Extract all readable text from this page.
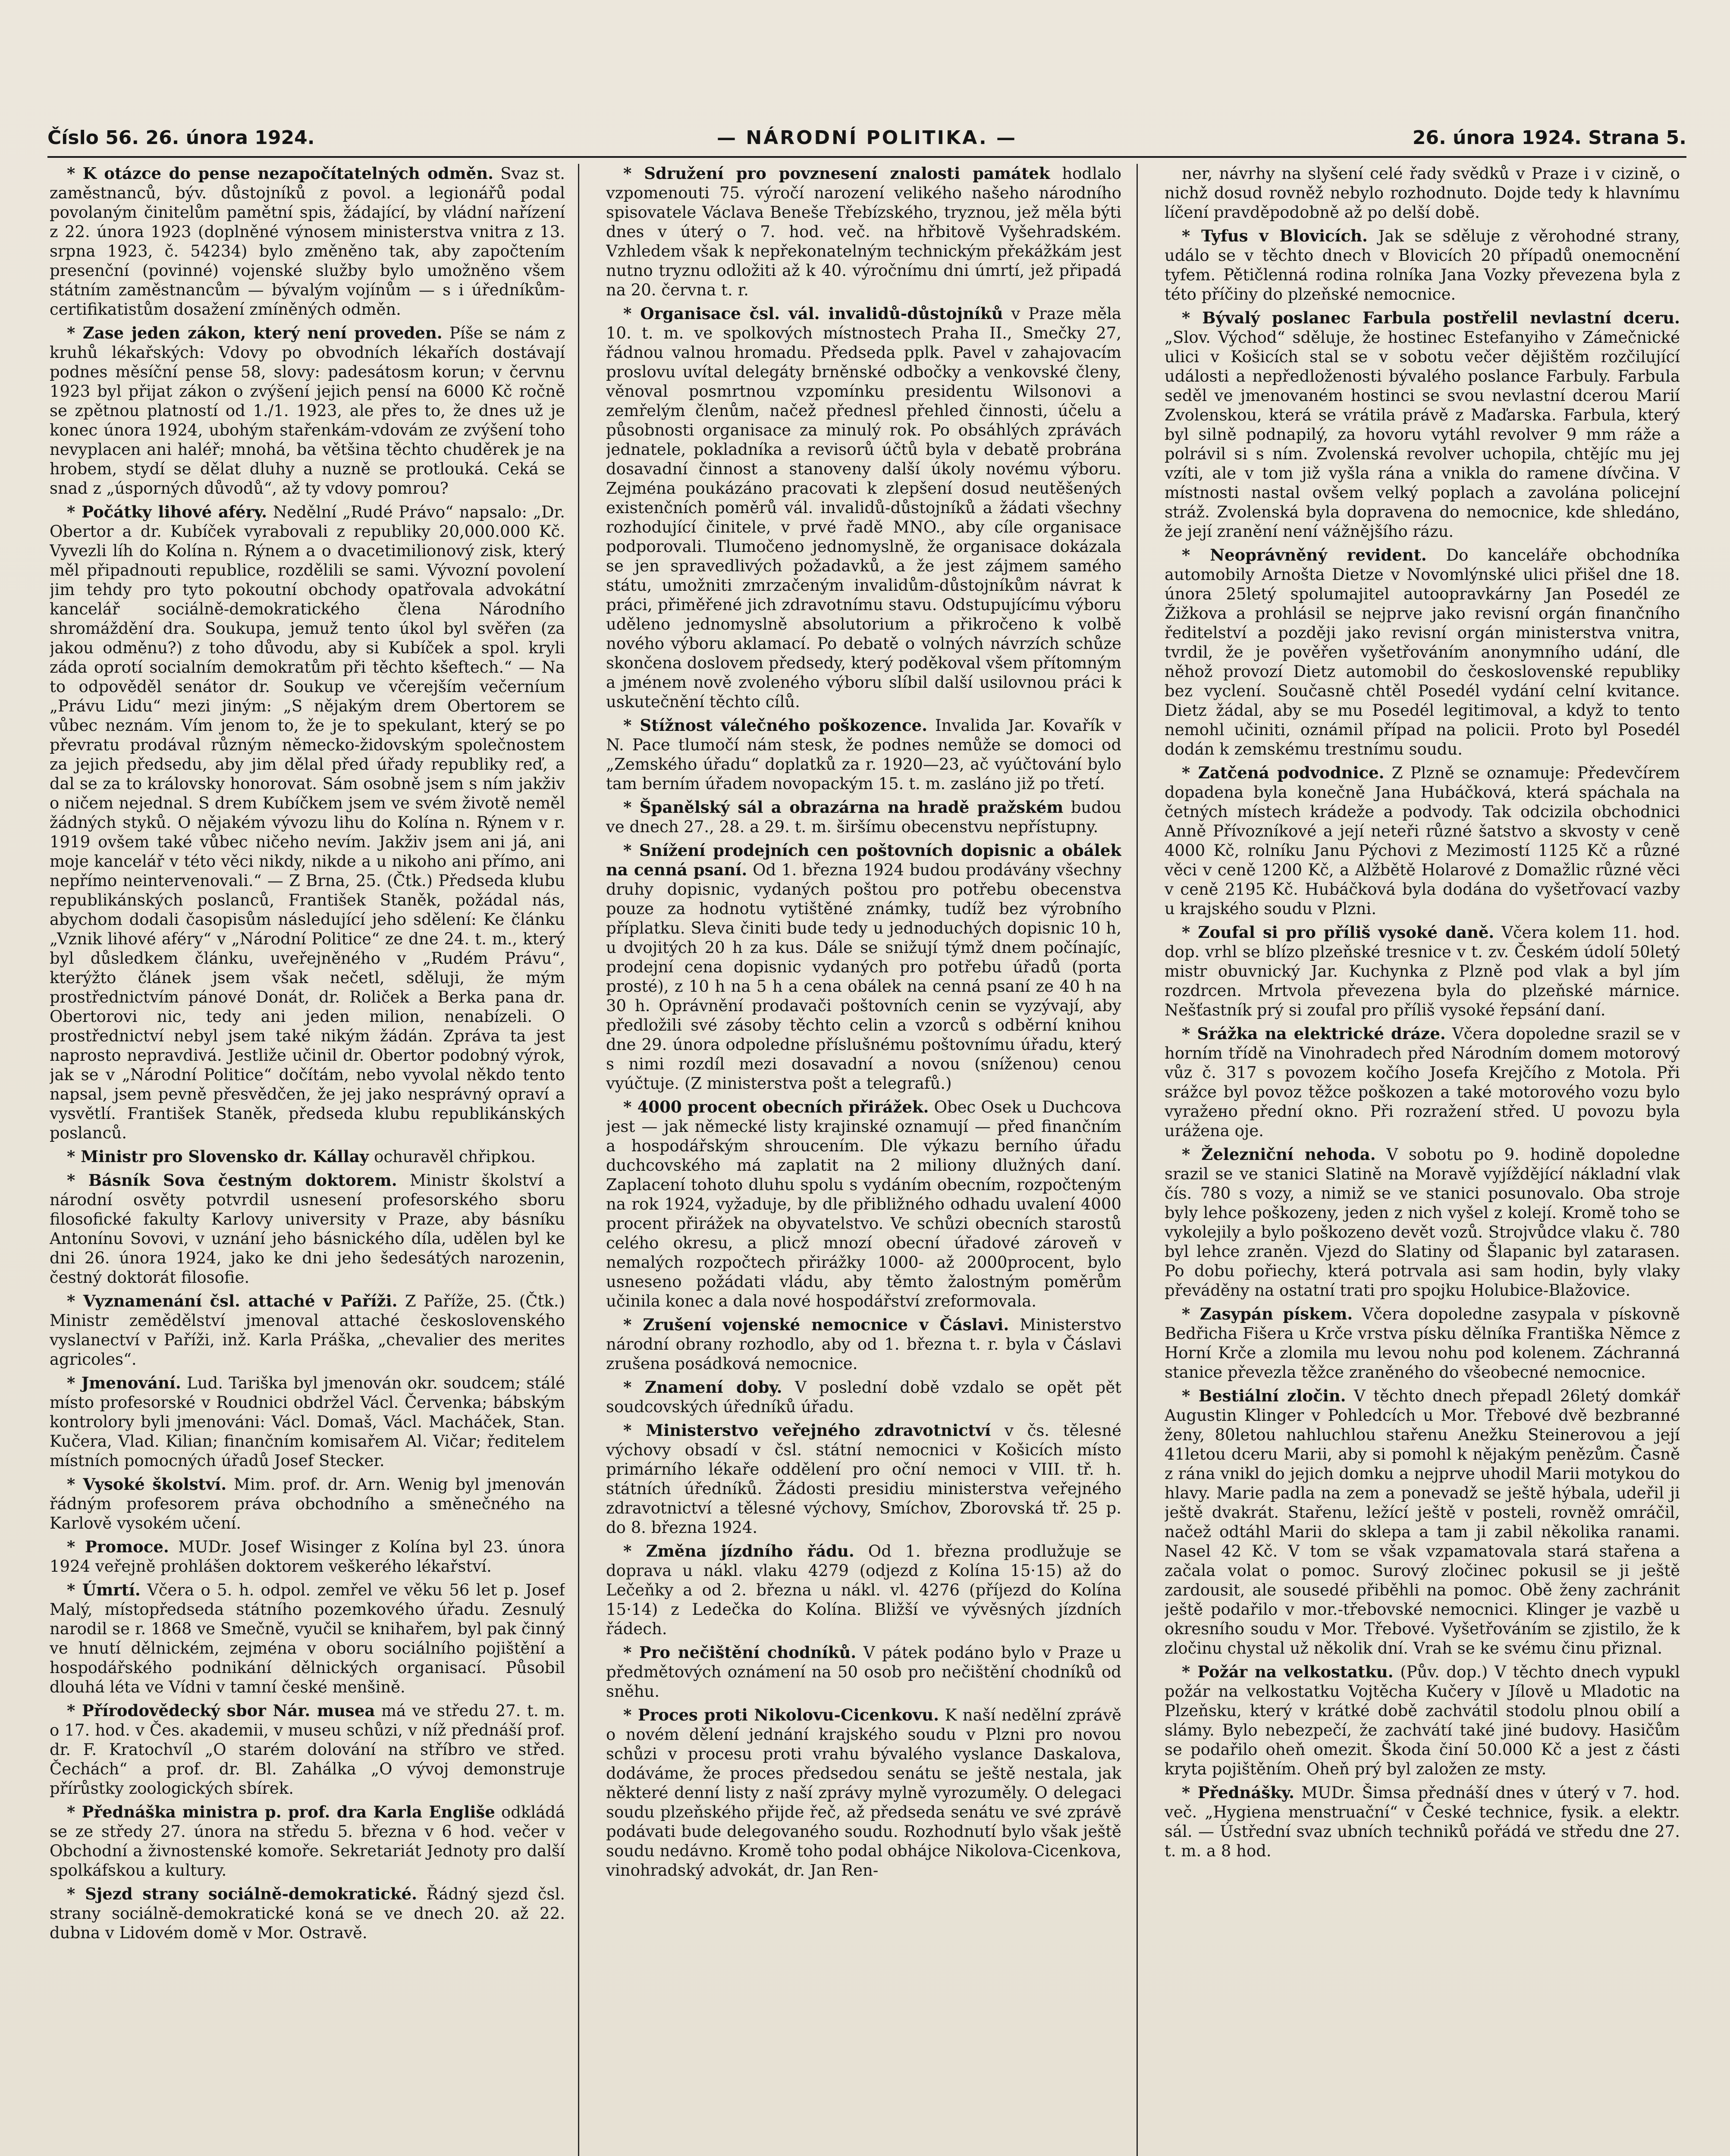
Číslo 56. 26. února 1924.	— NÁRODNÍ POLITIKA. —	26. února 1924. Strana 5.

* K otázce do pense nezapočítatelných odměn. Svaz st. zaměstnanců, býv. důstojníků z povol. a legionářů podal povolaným činitelům pamětní spis, žádající, by vládní nařízení z 22. února 1923 (doplněné výnosem ministerstva vnitra z 13. srpna 1923, č. 54234) bylo změněno tak, aby započtením presenční (povinné) vojenské služby bylo umožněno všem státním zaměstnancům — bývalým vojínům — s i úředníkům-certifikatistům dosažení zmíněných odměn.

* Zase jeden zákon, který není proveden. Píše se nám z kruhů lékařských: Vdovy po obvodních lékařích dostávají podnes měsíční pense 58, slovy: padesátosm korun; v červnu 1923 byl přijat zákon o zvýšení jejich pensí na 6000 Kč ročně se zpětnou platností od 1./1. 1923, ale přes to, že dnes už je konec února 1924, ubohým stařenkám-vdovám ze zvýšení toho nevyplacen ani haléř; mnohá, ba většina těchto chuděrek je na hrobem, stydí se dělat dluhy a nuzně se protlouká. Ceká se snad z „úsporných důvodů“, až ty vdovy pomrou?

* Počátky lihové aféry. Nedělní „Rudé Právo“ napsalo: „Dr. Obertor a dr. Kubíček vyrabovali z republiky 20,000.000 Kč. Vyvezli líh do Kolína n. Rýnem a o dvacetimilionový zisk, který měl připadnouti republice, rozdělili se sami. Vývozní povolení jim tehdy pro tyto pokoutní obchody opatřovala advokátní kancelář sociálně-demokratického člena Národního shromáždění dra. Soukupa, jemuž tento úkol byl svěřen (za jakou odměnu?) z toho důvodu, aby si Kubíček a spol. kryli záda oprotí socialním demokratům při těchto kšeftech.“ — Na to odpověděl senátor dr. Soukup ve včerejším večerníum „Právu Lidu“ mezi jiným: „S nějakým drem Obertorem se vůbec neznám. Vím jenom to, že je to spekulant, který se po převratu prodával různým německo-židovským společnostem za jejich předsedu, aby jim dělal před úřady republiky reď, a dal se za to královsky honorovat. Sám osobně jsem s ním jakživ o ničem nejednal. S drem Kubíčkem jsem ve svém životě neměl žádných styků. O nějakém vývozu lihu do Kolína n. Rýnem v r. 1919 ovšem také vůbec ničeho nevím. Jakživ jsem ani já, ani moje kancelář v této věci nikdy, nikde a u nikoho ani přímo, ani nepřímo neintervenovali.“ — Z Brna, 25. (Čtk.) Předseda klubu republikánských poslanců, František Staněk, požádal nás, abychom dodali časopisům následující jeho sdělení: Ke článku „Vznik lihové aféry“ v „Národní Politice“ ze dne 24. t. m., který byl důsledkem článku, uveřejněného v „Rudém Právu“, kterýžto článek jsem však nečetl, sděluji, že mým prostřednictvím pánové Donát, dr. Roliček a Berka pana dr. Obertorovi nic, tedy ani jeden milion, nenabízeli. O prostřednictví nebyl jsem také nikým žádán. Zpráva ta jest naprosto nepravdivá. Jestliže učinil dr. Obertor podobný výrok, jak se v „Národní Politice“ dočítám, nebo vyvolal někdo tento napsal, jsem pevně přesvědčen, že jej jako nesprávný opraví a vysvětlí. František Staněk, předseda klubu republikánských poslanců.

* Ministr pro Slovensko dr. Kállay ochuravěl chřipkou.

* Básník Sova čestným doktorem. Ministr školství a národní osvěty potvrdil usnesení profesorského sboru filosofické fakulty Karlovy university v Praze, aby básníku Antonínu Sovovi, v uznání jeho básnického díla, udělen byl ke dni 26. února 1924, jako ke dni jeho šedesátých narozenin, čestný doktorát filosofie.

* Vyznamenání čsl. attaché v Paříži. Z Paříže, 25. (Čtk.) Ministr zemědělství jmenoval attaché československého vyslanectví v Paříži, inž. Karla Práška, „chevalier des merites agricoles“.

* Jmenování. Lud. Tariška byl jmenován okr. soudcem; stálé místo profesorské v Roudnici obdržel Václ. Červenka; bábským kontrolory byli jmenováni: Václ. Domaš, Václ. Macháček, Stan. Kučera, Vlad. Kilian; finančním komisařem Al. Vičar; ředitelem místních pomocných úřadů Josef Stecker.

* Vysoké školství. Mim. prof. dr. Arn. Wenig byl jmenován řádným profesorem práva obchodního a směnečného na Karlově vysokém učení.

* Promoce. MUDr. Josef Wisinger z Kolína byl 23. února 1924 veřejně prohlášen doktorem veškerého lékařství.

* Úmrtí. Včera o 5. h. odpol. zemřel ve věku 56 let p. Josef Malý, místopředseda státního pozemkového úřadu. Zesnulý narodil se r. 1868 ve Smečně, vyučil se knihařem, byl pak činný ve hnutí dělnickém, zejména v oboru sociálního pojištění a hospodářského podnikání dělnických organisací. Působil dlouhá léta ve Vídni v tamní české menšině.

* Přírodovědecký sbor Nár. musea má ve středu 27. t. m. o 17. hod. v Čes. akademii, v museu schůzi, v níž přednáší prof. dr. F. Kratochvíl „O starém dolování na stříbro ve střed. Čechách“ a prof. dr. Bl. Zahálka „O vývoj demonstruje přírůstky zoologických sbírek.

* Přednáška ministra p. prof. dra Karla Engliše odkládá se ze středy 27. února na středu 5. března v 6 hod. večer v Obchodní a živnostenské komoře. Sekretariát Jednoty pro další spolkáfskou a kultury.

* Sjezd strany sociálně-demokratické. Řádný sjezd čsl. strany sociálně-demokratické koná se ve dnech 20. až 22. dubna v Lidovém domě v Mor. Ostravě.

* Sdružení pro povznesení znalosti památek hodlalo vzpomenouti 75. výročí narození velikého našeho národního spisovatele Václava Beneše Třebízského, tryznou, jež měla býti dnes v úterý o 7. hod. več. na hřbitově Vyšehradském. Vzhledem však k nepřekonatelným technickým překážkám jest nutno tryznu odložiti až k 40. výročnímu dni úmrtí, jež připadá na 20. června t. r.

* Organisace čsl. vál. invalidů-důstojníků v Praze měla 10. t. m. ve spolkových místnostech Praha II., Smečky 27, řádnou valnou hromadu. Předseda pplk. Pavel v zahajovacím proslovu uvítal delegáty brněnské odbočky a venkovské členy, věnoval posmrtnou vzpomínku presidentu Wilsonovi a zemřelým členům, načež přednesl přehled činnosti, účelu a působnosti organisace za minulý rok. Po obsáhlých zprávách jednatele, pokladníka a revisorů účtů byla v debatě probrána dosavadní činnost a stanoveny další úkoly novému výboru. Zejména poukázáno pracovati k zlepšení dosud neutěšených existenčních poměrů vál. invalidů-důstojníků a žádati všechny rozhodující činitele, v prvé řadě MNO., aby cíle organisace podporovali. Tlumočeno jednomyslně, že organisace dokázala se jen spravedlivých požadavků, a že jest zájmem samého státu, umožniti zmrzačeným invalidům-důstojníkům návrat k práci, přiměřené jich zdravotnímu stavu. Odstupujícímu výboru udělenо jednomyslně absolutorium a přikročeno k volbě nového výboru aklamací. Po debatě o volných návrzích schůze skončena doslovem předsedy, který poděkoval všem přítomným a jménem nově zvoleného výboru slíbil další usilovnou práci k uskutečnění těchto cílů.

* Stížnost válečného poškozence. Invalida Jar. Kovařík v N. Pace tlumočí nám stesk, že podnes nemůže se domoci od „Zemského úřadu“ doplatků za r. 1920—23, ač vyúčtování bylo tam berním úřadem novopackým 15. t. m. zasláno již po třetí.

* Španělský sál a obrazárna na hradě pražském budou ve dnech 27., 28. a 29. t. m. širšímu obecenstvu nepřístupny.

* Snížení prodejních cen poštovních dopisnic a obálek na cenná psaní. Od 1. března 1924 budou prodávány všechny druhy dopisnic, vydaných poštou pro potřebu obecenstva pouze za hodnotu vytištěné známky, tudíž bez výrobního příplatku. Sleva činiti bude tedy u jednoduchých dopisnic 10 h, u dvojitých 20 h za kus. Dále se snižují týmž dnem počínajíc, prodejní cena dopisnic vydaných pro potřebu úřadů (porta prosté), z 10 h na 5 h a cena obálek na cenná psaní ze 40 h na 30 h. Oprávnění prodavači poštovních cenin se vyzývají, aby předložili své zásoby těchto celin a vzorců s odběrní knihou dne 29. února odpoledne příslušnému poštovnímu úřadu, který s nimi rozdíl mezi dosavadní a novou (sníženou) cenou vyúčtuje. (Z ministerstva pošt a telegrafů.)

* 4000 procent obecních přirážek. Obec Osek u Duchcova jest — jak německé listy krajinské oznamují — před finančním a hospodářským shroucením. Dle výkazu berního úřadu duchcovského má zaplatit na 2 miliony dlužných daní. Zaplacení tohoto dluhu spolu s vydáním obecním, rozpočteným na rok 1924, vyžaduje, by dle přibližného odhadu uvalení 4000 procent přirážek na obyvatelstvo. Ve schůzi obecních starostů celého okresu, a plicž mnozí obecní úřadové zároveň v nemalých rozpočtech přirážky 1000- až 2000procent, bylo usneseno požádati vládu, aby těmto žalostným poměrům učinila konec a dala nové hospodářství zreformovala.

* Zrušení vojenské nemocnice v Čáslavi. Ministerstvo národní obrany rozhodlo, aby od 1. března t. r. byla v Čáslavi zrušena posádková nemocnice.

* Znamení doby. V poslední době vzdalo se opět pět soudcovských úředníků úřadu.

* Ministerstvo veřejného zdravotnictví v čs. tělesné výchovy obsadí v čsl. státní nemocnici v Košicích místo primárního lékaře oddělení pro oční nemoci v VIII. tř. h. státních úředníků. Žádosti presidiu ministerstva veřejného zdravotnictví a tělesné výchovy, Smíchov, Zborovská tř. 25 p. do 8. března 1924.

* Změna jízdního řádu. Od 1. března prodlužuje se doprava u nákl. vlaku 4279 (odjezd z Kolína 15·15) až do Lečeňky a od 2. března u nákl. vl. 4276 (příjezd do Kolína 15·14) z Ledečka do Kolína. Bližší ve vývěsných jízdních řádech.

* Pro nečištění chodníků. V pátek podáno bylo v Praze u předmětových oznámení na 50 osob pro nečištění chodníků od sněhu.

* Proces proti Nikolovu-Cicenkovu. K naší nedělní zprávě o novém dělení jednání krajského soudu v Plzni pro novou schůzi v procesu proti vrahu bývalého vyslance Daskalova, dodáváme, že proces předsedou senátu se ještě nestala, jak některé denní listy z naší zprávy mylně vyrozuměly. O delegaci soudu plzeňského přijde řeč, až předseda senátu ve své zprávě podávati bude delegovaného soudu. Rozhodnutí bylo však ještě soudu nedávno. Kromě toho podal obhájce Nikolova-Cicenkova, vinohradský advokát, dr. Jan Ren-

ner, návrhy na slyšení celé řady svědků v Praze i v cizině, o nichž dosud rovněž nebylo rozhodnuto. Dojde tedy k hlavnímu líčení pravděpodobně až po delší době.

* Tyfus v Blovicích. Jak se sděluje z věrohodné strany, událo se v těchto dnech v Blovicích 20 případů onemocnění tyfem. Pětičlenná rodina rolníka Jana Vozky převezena byla z této příčiny do plzeňské nemocnice.

* Bývalý poslanec Farbula postřelil nevlastní dceru. „Slov. Východ“ sděluje, že hostinec Estefanyiho v Zámečnické ulici v Košicích stal se v sobotu večer dějištěm rozčilující události a nepředloženosti bývalého poslance Farbuly. Farbula seděl ve jmenovaném hostinci se svou nevlastní dcerou Marií Zvolenskou, která se vrátila právě z Maďarska. Farbula, který byl silně podnapilý, za hovoru vytáhl revolver 9 mm ráže a polrávil si s ním. Zvolenská revolver uchopila, chtějíc mu jej vzíti, ale v tom již vyšla rána a vnikla do ramene dívčina. V místnosti nastal ovšem velký poplach a zavolána policejní stráž. Zvolenská byla dopravena do nemocnice, kde shledáno, že její zranění není vážnějšího rázu.

* Neoprávněný revident. Do kanceláře obchodníka automobily Arnošta Dietze v Novomlýnské ulici přišel dne 18. února 25letý spolumajitel autoopravkárny Jan Posedél ze Žižkova a prohlásil se nejprve jako revisní orgán finančního ředitelství a později jako revisní orgán ministerstva vnitra, tvrdil, že je pověřen vyšetřováním anonymního udání, dle něhož provozí Dietz automobil do československé republiky bez vyclení. Současně chtěl Posedél vydání celní kvitance. Dietz žádal, aby se mu Posedél legitimoval, a když to tento nemohl učiniti, oznámil případ na policii. Proto byl Posedél dodán k zemskému trestnímu soudu.

* Zatčená podvodnice. Z Plzně se oznamuje: Předevčírem dopadena byla konečně Jana Hubáčková, která spáchala na četných místech krádeže a podvody. Tak odcizila obchodnici Anně Přívozníkové a její neteři různé šatstvo a skvosty v ceně 4000 Kč, rolníku Janu Pýchovi z Mezimostí 1125 Kč a různé věci v ceně 1200 Kč, a Alžbětě Holarové z Domažlic různé věci v ceně 2195 Kč. Hubáčková byla dodána do vyšetřovací vazby u krajského soudu v Plzni.

* Zoufal si pro příliš vysoké daně. Včera kolem 11. hod. dop. vrhl se blízo plzeňské tresnice v t. zv. Českém údolí 50letý mistr obuvnický Jar. Kuchynka z Plzně pod vlak a byl jím rozdrcen. Mrtvola převezena byla do plzeňské márnice. Nešťastník prý si zoufal pro příliš vysoké řepsání daní.

* Srážka na elektrické dráze. Včera dopoledne srazil se v horním třídě na Vinohradech před Národním domem motorový vůz č. 317 s povozem kočího Josefa Krejčího z Motola. Při srážce byl povoz těžce poškozen a také motorového vozu bylo vyražено přední okno. Při rozražení střed. U povozu byla urážena oje.

* Železniční nehoda. V sobotu po 9. hodině dopoledne srazil se ve stanici Slatině na Moravě vyjíždějící nákladní vlak čís. 780 s vozy, a nimiž se ve stanici posunovalo. Oba stroje byly lehce poškozeny, jeden z nich vyšel z kolejí. Kromě toho se vykolejily a bylo poškozeno devět vozů. Strojvůdce vlaku č. 780 byl lehce zraněn. Vjezd do Slatiny od Šlapanic byl zatarasen. Po dobu pořiechy, která potrvala asi sam hodin, byly vlaky převáděny na ostatní trati pro spojku Holubice-Blažovice.

* Zasypán pískem. Včera dopoledne zasypala v pískovně Bedřicha Fišera u Krče vrstva písku dělníka Františka Němce z Horní Krče a zlomila mu levou nohu pod kolenem. Záchranná stanice převezla těžce zraněného do všeobecné nemocnice.

* Bestiální zločin. V těchto dnech přepadl 26letý domkář Augustin Klinger v Pohledcích u Mor. Třebové dvě bezbranné ženy, 80letou nahluchlou stařenu Anežku Steinerovou a její 41letou dceru Marii, aby si pomohl k nějakým penězům. Časně z rána vnikl do jejich domku a nejprve uhodil Marii motykou do hlavy. Marie padla na zem a ponevadž se ještě hýbala, udeřil ji ještě dvakrát. Stařenu, ležící ještě v posteli, rovněž omráčil, načež odtáhl Marii do sklepa a tam ji zabil několika ranami. Nasel 42 Kč. V tom se však vzpamatovala stará stařena a začala volat o pomoc. Surový zločinec pokusil se ji ještě zardousit, ale sousedé přiběhli na pomoc. Obě ženy zachránit ještě podařilo v mor.-třebovské nemocnici. Klinger je vazbě u okresního soudu v Mor. Třebové. Vyšetřováním se zjistilo, že k zločinu chystal už několik dní. Vrah se ke svému činu přiznal.

* Požár na velkostatku. (Pův. dop.) V těchto dnech vypukl požár na velkostatku Vojtěcha Kučery v Jílově u Mladotic na Plzeňsku, který v krátké době zachvátil stodolu plnou obilí a slámy. Bylo nebezpečí, že zachvátí také jiné budovy. Hasičům se podařilo oheň omezit. Škoda činí 50.000 Kč a jest z části kryta pojištěním. Oheň prý byl založen ze msty.

* Přednášky. MUDr. Šimsa přednáší dnes v úterý v 7. hod. več. „Hygiena menstruační“ v České technice, fysik. a elektr. sál. — Ústřední svaz ubních techniků pořádá ve středu dne 27. t. m. a 8 hod.
